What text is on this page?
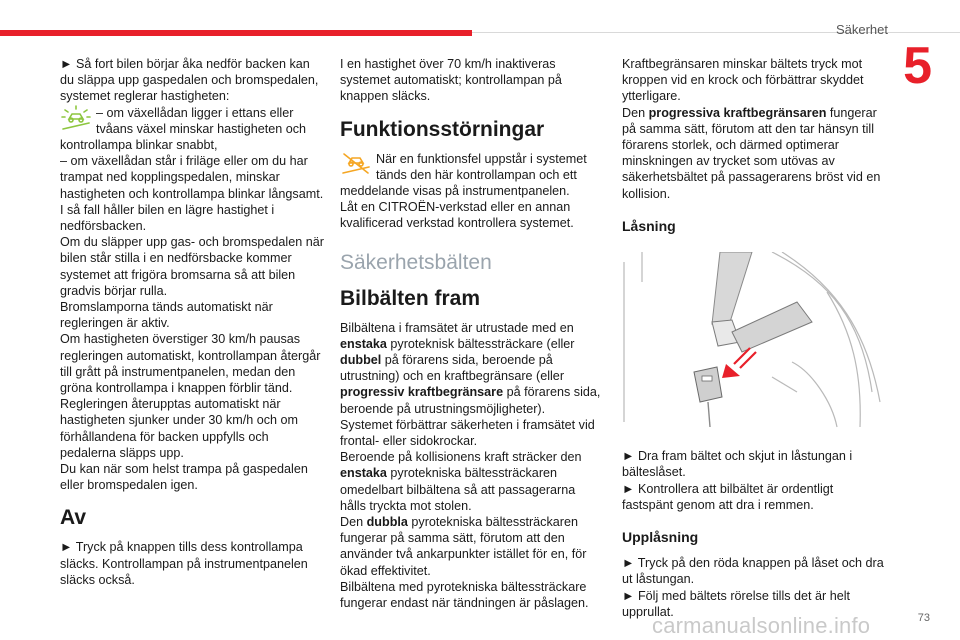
Säkerhet
5

► Så fort bilen börjar åka nedför backen kan du släppa upp gaspedalen och bromspedalen, systemet reglerar hastigheten:

– om växellådan ligger i ettans eller tvåans växel minskar hastigheten och

kontrollampa blinkar snabbt,

– om växellådan står i friläge eller om du har trampat ned kopplingspedalen, minskar hastigheten och kontrollampa blinkar långsamt.

I så fall håller bilen en lägre hastighet i nedförsbacken.

Om du släpper upp gas- och bromspedalen när bilen står stilla i en nedförsbacke kommer systemet att frigöra bromsarna så att bilen gradvis börjar rulla.

Bromslamporna tänds automatiskt när regleringen är aktiv.

Om hastigheten överstiger 30 km/h pausas regleringen automatiskt, kontrollampan återgår till grått på instrumentpanelen, medan den gröna kontrollampa i knappen förblir tänd.

Regleringen återupptas automatiskt när hastigheten sjunker under 30 km/h och om förhållandena för backen uppfylls och pedalerna släpps upp.

Du kan när som helst trampa på gaspedalen eller bromspedalen igen.

Av

► Tryck på knappen tills dess kontrollampa släcks. Kontrollampan på instrumentpanelen släcks också.

I en hastighet över 70 km/h inaktiveras systemet automatiskt; kontrollampan på knappen släcks.

Funktionsstörningar

När en funktionsfel uppstår i systemet tänds den här kontrollampan och ett

meddelande visas på instrumentpanelen.

Låt en CITROËN-verkstad eller en annan kvalificerad verkstad kontrollera systemet.

Säkerhetsbälten
Bilbälten fram

Bilbältena i framsätet är utrustade med en enstaka pyroteknisk bältessträckare (eller dubbel på förarens sida, beroende på utrustning) och en kraftbegränsare (eller progressiv kraftbegränsare på förarens sida, beroende på utrustningsmöjligheter).

Systemet förbättrar säkerheten i framsätet vid frontal- eller sidokrockar.

Beroende på kollisionens kraft sträcker den enstaka pyrotekniska bältessträckaren omedelbart bilbältena så att passagerarna hålls tryckta mot stolen.

Den dubbla pyrotekniska bältessträckaren fungerar på samma sätt, förutom att den använder två ankarpunkter istället för en, för ökad effektivitet.

Bilbältena med pyrotekniska bältessträckare fungerar endast när tändningen är påslagen.

Kraftbegränsaren minskar bältets tryck mot kroppen vid en krock och förbättrar skyddet ytterligare.

Den progressiva kraftbegränsaren fungerar på samma sätt, förutom att den tar hänsyn till förarens storlek, och därmed optimerar minskningen av trycket som utövas av säkerhetsbältet på passagerarens bröst vid en kollision.

Låsning

► Dra fram bältet och skjut in låstungan i bälteslåset.

► Kontrollera att bilbältet är ordentligt fastspänt genom att dra i remmen.

Upplåsning

► Tryck på den röda knappen på låset och dra ut låstungan.

► Följ med bältets rörelse tills det är helt upprullat.

carmanualsonline.info	73
